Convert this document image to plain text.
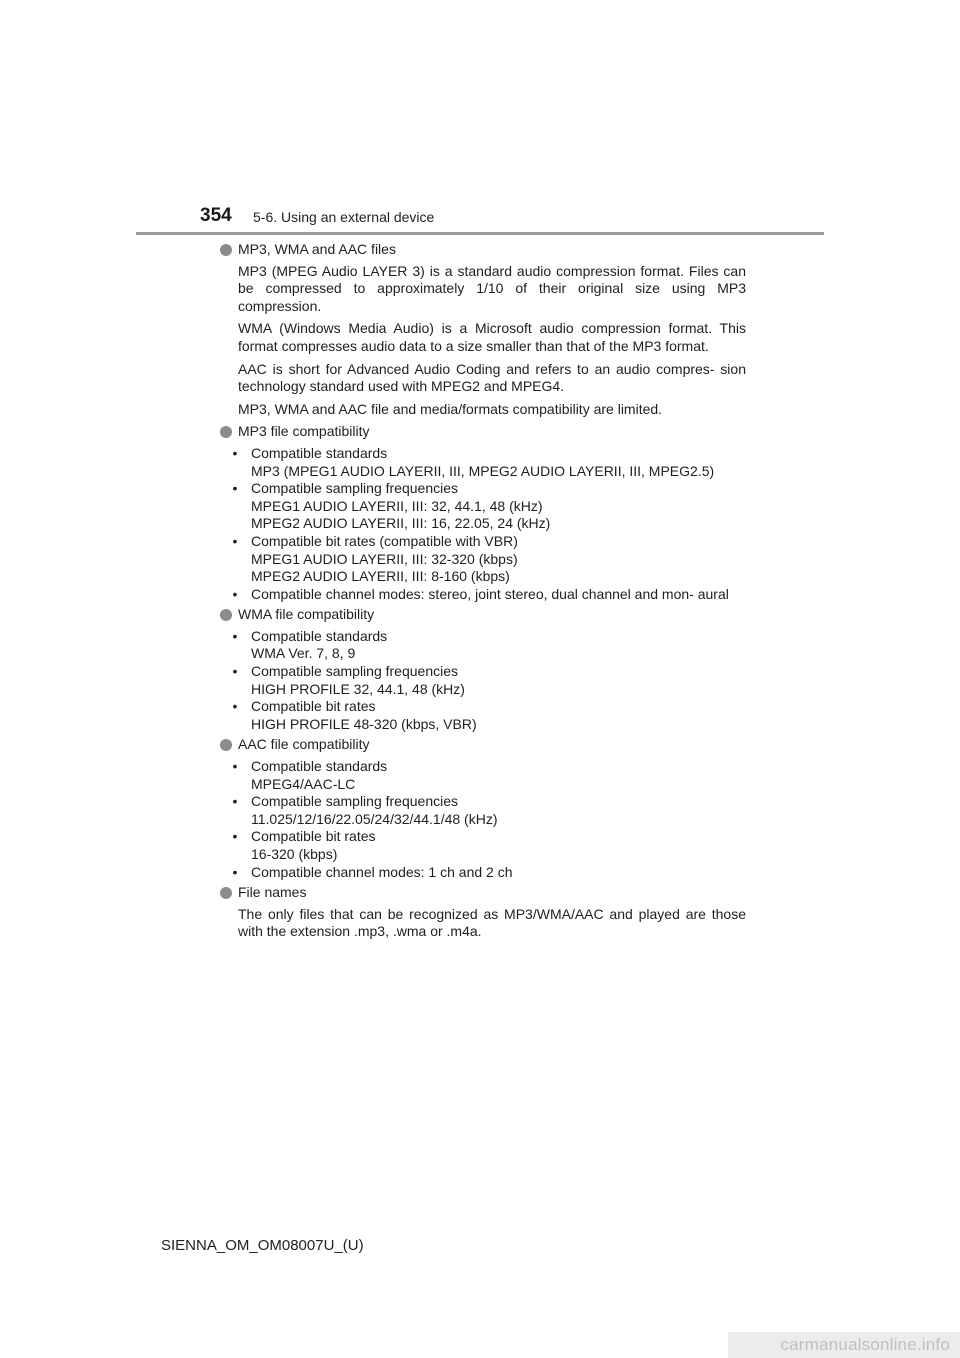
354 5-6. Using an external device
MP3, WMA and AAC files
MP3 (MPEG Audio LAYER 3) is a standard audio compression format. Files can be compressed to approximately 1/10 of their original size using MP3 compression.
WMA (Windows Media Audio) is a Microsoft audio compression format. This format compresses audio data to a size smaller than that of the MP3 format.
AAC is short for Advanced Audio Coding and refers to an audio compres- sion technology standard used with MPEG2 and MPEG4.
MP3, WMA and AAC file and media/formats compatibility are limited.
MP3 file compatibility
• Compatible standards
MP3 (MPEG1 AUDIO LAYERII, III, MPEG2 AUDIO LAYERII, III, MPEG2.5)
• Compatible sampling frequencies
MPEG1 AUDIO LAYERII, III: 32, 44.1, 48 (kHz)
MPEG2 AUDIO LAYERII, III: 16, 22.05, 24 (kHz)
• Compatible bit rates (compatible with VBR)
MPEG1 AUDIO LAYERII, III: 32-320 (kbps)
MPEG2 AUDIO LAYERII, III: 8-160 (kbps)
• Compatible channel modes: stereo, joint stereo, dual channel and mon- aural
WMA file compatibility
• Compatible standards
WMA Ver. 7, 8, 9
• Compatible sampling frequencies
HIGH PROFILE 32, 44.1, 48 (kHz)
• Compatible bit rates
HIGH PROFILE 48-320 (kbps, VBR)
AAC file compatibility
• Compatible standards
MPEG4/AAC-LC
• Compatible sampling frequencies
11.025/12/16/22.05/24/32/44.1/48 (kHz)
• Compatible bit rates
16-320 (kbps)
• Compatible channel modes: 1 ch and 2 ch
File names
The only files that can be recognized as MP3/WMA/AAC and played are those with the extension .mp3, .wma or .m4a.
SIENNA_OM_OM08007U_(U)
carmanualsonline.info
